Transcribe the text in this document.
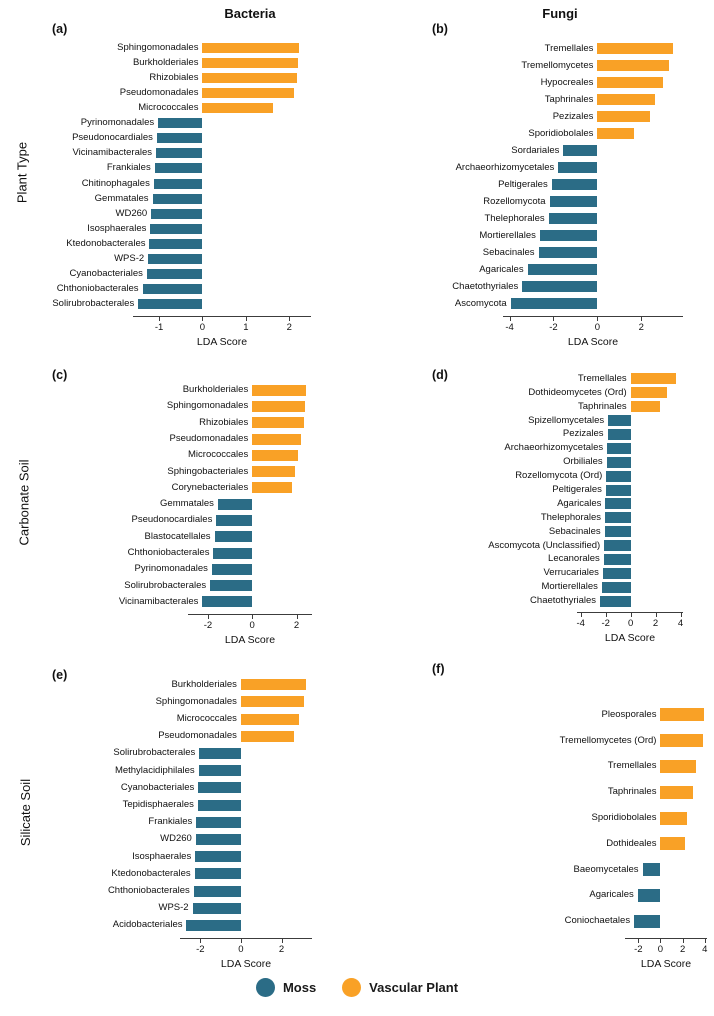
Bacteria	Fungi
Plant Type
Carbonate Soil
Silicate Soil
(a)
Sphingomonadales
Burkholderiales
Rhizobiales
Pseudomonadales
Micrococcales
Pyrinomonadales
Pseudonocardiales
Vicinamibacterales
Frankiales
Chitinophagales
Gemmatales
WD260
Isosphaerales
Ktedonobacterales
WPS-2
Cyanobacteriales
Chthoniobacterales
Solirubrobacterales
-1	0	1	2
LDA Score
(b)
Tremellales
Tremellomycetes
Hypocreales
Taphrinales
Pezizales
Sporidiobolales
Sordariales
Archaeorhizomycetales
Peltigerales
Rozellomycota
Thelephorales
Mortierellales
Sebacinales
Agaricales
Chaetothyriales
Ascomycota
-4	-2	0	2
LDA Score
(c)
Burkholderiales
Sphingomonadales
Rhizobiales
Pseudomonadales
Micrococcales
Sphingobacteriales
Corynebacteriales
Gemmatales
Pseudonocardiales
Blastocatellales
Chthoniobacterales
Pyrinomonadales
Solirubrobacterales
Vicinamibacterales
-2	0	2
LDA Score
(d)	Tremellales
Dothideomycetes (Ord)
Taphrinales
Spizellomycetales
Pezizales
Archaeorhizomycetales
Orbiliales
Rozellomycota (Ord)
Peltigerales
Agaricales
Thelephorales
Sebacinales
Ascomycota (Unclassified)
Lecanorales
Verrucariales
Mortierellales
Chaetothyriales
-4	-2	0	2	4
LDA Score
(e)
Burkholderiales
Sphingomonadales
Micrococcales
Pseudomonadales
Solirubrobacterales
Methylacidiphilales
Cyanobacteriales
Tepidisphaerales
Frankiales
WD260
Isosphaerales
Ktedonobacterales
Chthoniobacterales
WPS-2
Acidobacteriales
-2	0	2
LDA Score
(f)
Pleosporales
Tremellomycetes (Ord)
Tremellales
Taphrinales
Sporidiobolales
Dothideales
Baeomycetales
Agaricales
Coniochaetales
-2	0	2	4
LDA Score
Moss	Vascular Plant
